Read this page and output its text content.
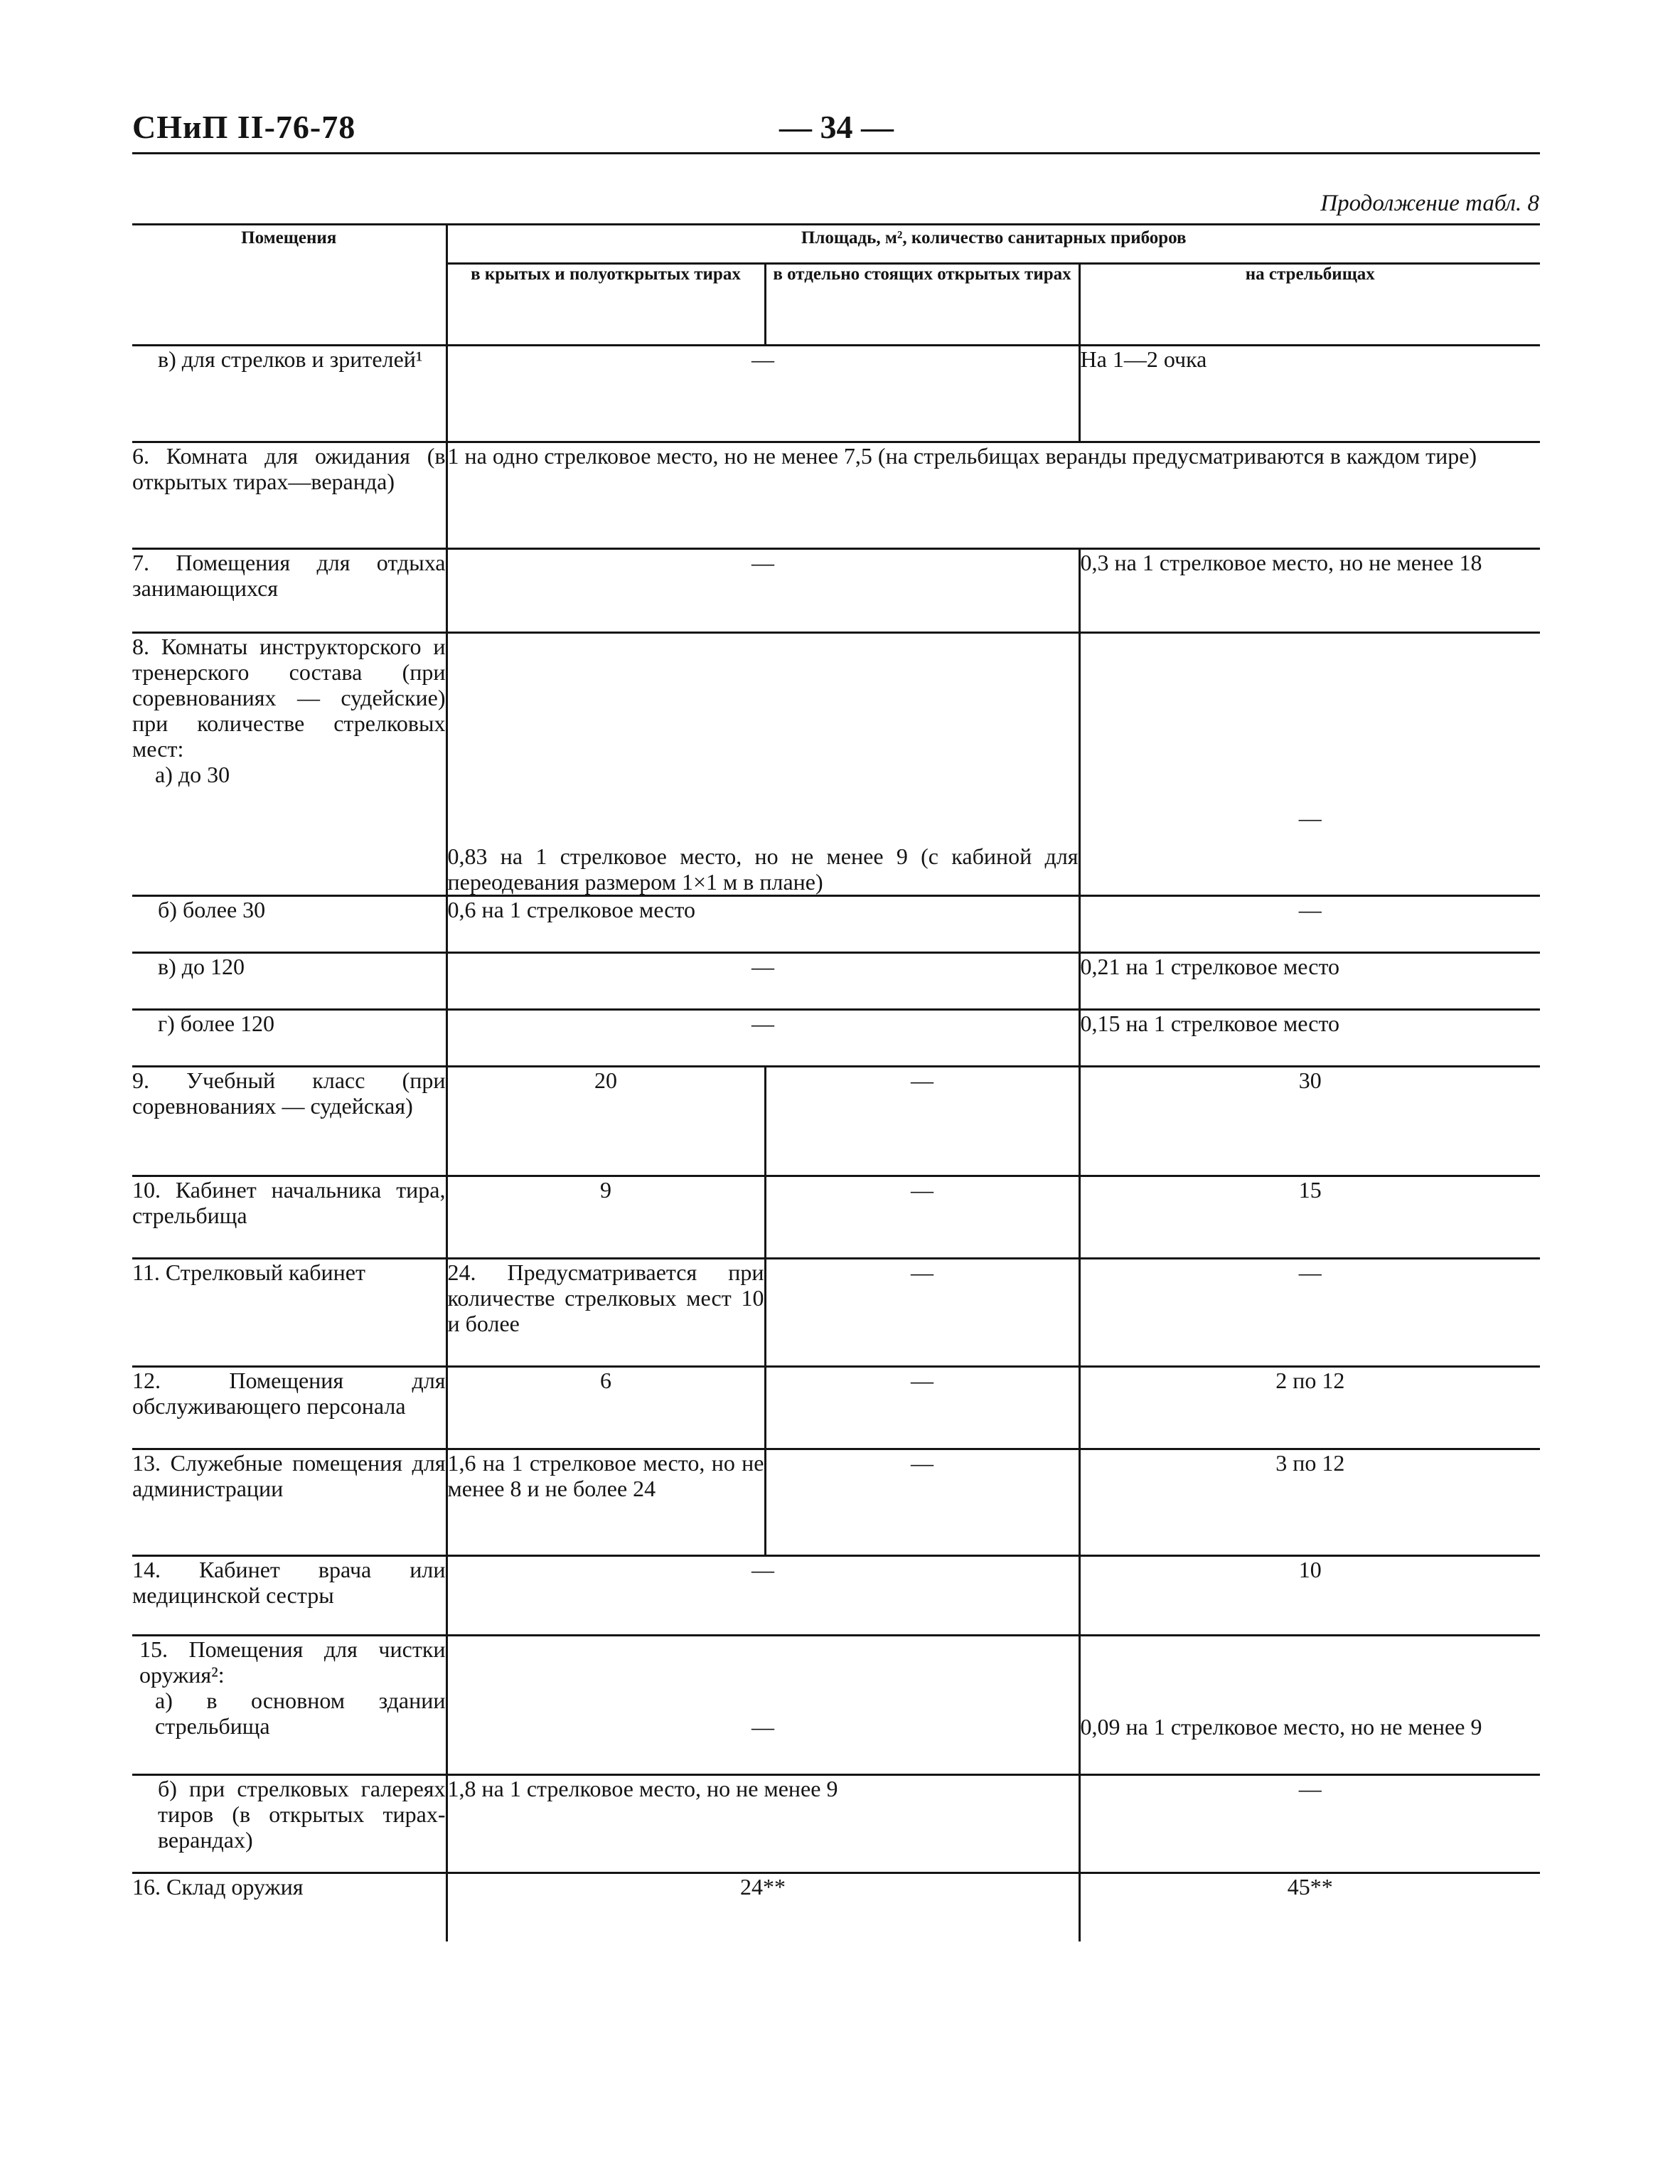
СНиП II-76-78	— 34 —
Продолжение табл. 8
Помещения	Площадь, м², количество санитарных приборов		
	в крытых и полуоткрытых тирах	в отдельно стоящих открытых тирах	на стрельбищах
в) для стрелков и зрителей¹	—		На 1—2 очка
6. Комната для ожидания (в открытых тирах—веранда)	1 на одно стрелковое место, но не менее 7,5 (на стрельбищах веранды предусматриваются в каждом тире)		
7. Помещения для отдыха занимающихся	—		0,3 на 1 стрелковое место, но не менее 18

8. Комнаты инструкторского и тренерского состава (при соревнованиях — судейские) при количестве стрелковых мест:
а) до 30	0,83 на 1 стрелковое место, но не менее 9 (с кабиной для переодевания размером 1×1 м в плане)		—
б) более 30	0,6 на 1 стрелковое место		—
в) до 120	—		0,21 на 1 стрелковое место
г) более 120	—		0,15 на 1 стрелковое место
9. Учебный класс (при соревнованиях — судейская)	20	—	30
10. Кабинет начальника тира, стрельбища	9	—	15
11. Стрелковый кабинет	24. Предусматривается при количестве стрелковых мест 10 и более	—	—
12. Помещения для обслуживающего персонала	6	—	2 по 12
13. Служебные помещения для администрации	1,6 на 1 стрелковое место, но не менее 8 и не более 24	—	3 по 12
14. Кабинет врача или медицинской сестры	—		10

15. Помещения для чистки оружия²:
а) в основном здании стрельбища	—		0,09 на 1 стрелковое место, но не менее 9
б) при стрелковых галереях тиров (в открытых тирах-верандах)	1,8 на 1 стрелковое место, но не менее 9		—
16. Склад оружия	24**		45**
